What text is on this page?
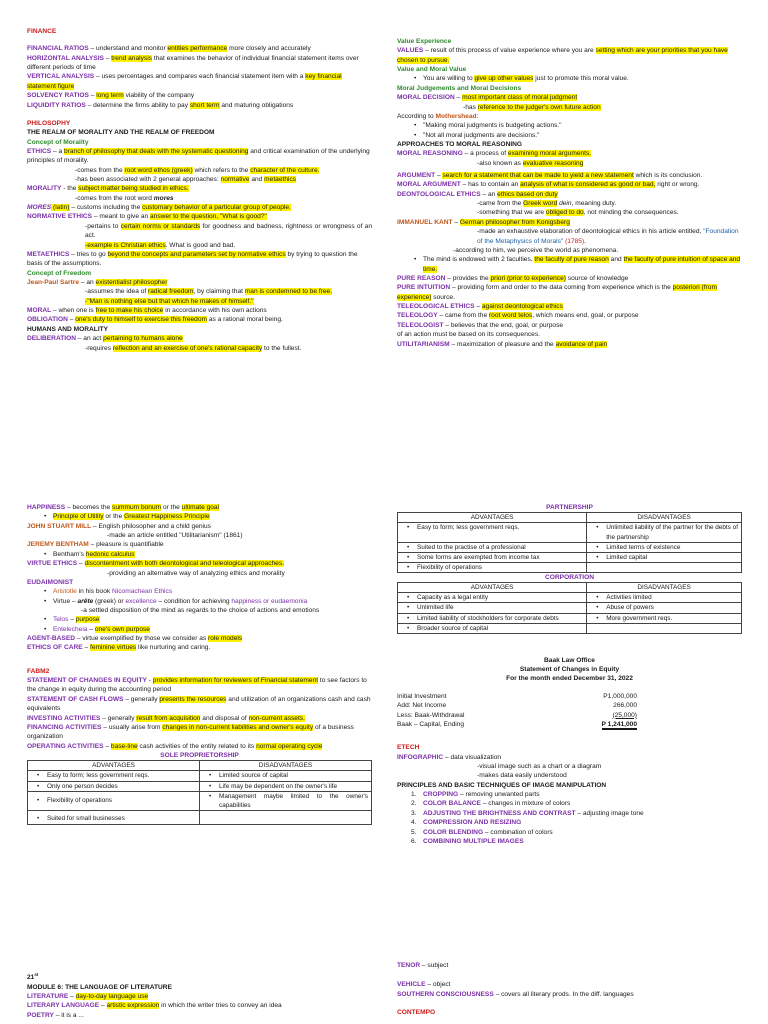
FINANCE

FINANCIAL RATIOS – understand and monitor entities performance more closely and accurately

HORIZONTAL ANALYSIS – trend analysis that examines the behavior of individual financial statement items over different periods of time

VERTICAL ANALYSIS – uses percentages and compares each financial statement item with a key financial statement figure

SOLVENCY RATIOS – long term viability of the company

LIQUIDITY RATIOS – determine the firms ability to pay short term and maturing obligations

PHILOSOPHY

THE REALM OF MORALITY AND THE REALM OF FREEDOM

Concept of Morality

ETHICS – a branch of philosophy that deals with the systematic questioning and critical examination of the underlying principles of morality.

-comes from the root word ethos (greek) which refers to the character of the culture.

-has been associated with 2 general approaches: normative and metaethics

MORALITY - the subject matter being studied in ethics.

-comes from the root word mores

MORES (latin) – customs including the customary behavior of a particular group of people.

NORMATIVE ETHICS – meant to give an answer to the question, "What is good?"

-pertains to certain norms or standards for goodness and badness, rightness or wrongness of an act.

-example is Christian ethics. What is good and bad.

METAETHICS – tries to go beyond the concepts and parameters set by normative ethics by trying to question the basis of the assumptions.

Concept of Freedom

Jean-Paul Sartre – an existentialist philosopher

-assumes the idea of radical freedom, by claiming that man is condemned to be free.

-"Man is nothing else but that which he makes of himself."

MORAL – when one is free to make his choice in accordance with his own actions

OBLIGATION – one's duty to himself to exercise this freedom as a rational moral being.

HUMANS AND MORALITY

DELIBERATION – an act pertaining to humans alone

-requires reflection and an exercise of one's rational capacity to the fullest.

Value Experience

VALUES – result of this process of value experience where you are setting which are your priorities that you have chosen to pursue.

Value and Moral Value

• You are willing to give up other values just to promote this moral value.

Moral Judgements and Moral Decisions

MORAL DECISION – most important class of moral judgment

-has reference to the judger's own future action

According to Mothershead:

• "Making moral judgments is budgeting actions."

• "Not all moral judgments are decisions."

APPROACHES TO MORAL REASONING

MORAL REASONING – a process of examining moral arguments.

-also known as evaluative reasoning

ARGUMENT – search for a statement that can be made to yield a new statement which is its conclusion.

MORAL ARGUMENT – has to contain an analysis of what is considered as good or bad, right or wrong.

DEONTOLOGICAL ETHICS – an ethics based on duty

-came from the Greek word dein, meaning duty.

-something that we are obliged to do, not minding the consequences.

IMMANUEL KANT – German philosopher from Konigsberg

-made an exhaustive elaboration of deontological ethics in his article entitled, "Foundation of the Metaphysics of Morals" (1785).

-according to him, we perceive the world as phenomena.

• The mind is endowed with 2 faculties, the faculty of pure reason and the faculty of pure intuition of space and time.

PURE REASON – provides the priori (prior to experience) source of knowledge

PURE INTUITION – providing form and order to the data coming from experience which is the posteriori (from experience) source.

TELEOLOGICAL ETHICS – against deontological ethics

TELEOLOGY – came from the root word telos, which means end, goal, or purpose

TELEOLOGIST – believes that the end, goal, or purpose of an action must be based on its consequences.

UTILITARIANISM – maximization of pleasure and the avoidance of pain

HAPPINESS – becomes the summum bonum or the ultimate goal

• Principle of Utility or the Greatest Happiness Principle

JOHN STUART MILL – English philosopher and a child genius

-made an article entitled "Utilitarianism" (1861)

JEREMY BENTHAM – pleasure is quantifiable

• Bentham's hedonic calculus

VIRTUE ETHICS – discontentment with both deontological and teleological approaches.

-providing an alternative way of analyzing ethics and morality

EUDAIMONIST

• Aristotle in his book Nicomachean Ethics

• Virtue – arête (greek) or excellence – condition for achieving happiness or eudaemonia

-a settled disposition of the mind as regards to the choice of actions and emotions

• Telos – purpose

• Entelecheia – one's own purpose

AGENT-BASED – virtue exemplified by those we consider as role models

ETHICS OF CARE – feminine virtues like nurturing and caring.

FABM2

STATEMENT OF CHANGES IN EQUITY - provides information for reviewers of Financial statement to see factors to the change in equity during the accounting period

STATEMENT OF CASH FLOWS – generally presents the resources and utilization of an organizations cash and cash equivalents

INVESTING ACTIVITIES – generally result from acquisition and disposal of non-current assets.

FINANCING ACTIVITIES – usually arise from changes in non-current liabilities and owner's equity of a business organization

OPERATING ACTIVITIES – base-line cash activities of the entity related to its normal operating cycle

SOLE PROPRIETORSHIP

ADVANTAGES	DISADVANTAGES

• Easy to form; less government reqs.	• Limited source of capital

• Only one person decides	• Life may be dependent on the owner's life

• Flexibility of operations	• Management maybe limited to the owner's capabilities

• Suited for small businesses

PARTNERSHIP

ADVANTAGES	DISADVANTAGES

• Easy to form; less government reqs.	• Unlimited liability of the partner for the debts of the partnership

• Suited to the practise of a professional	• Limited terms of existence

• Some forms are exempted from income tax	• Limited capital

• Flexibility of operations

CORPORATION

ADVANTAGES	DISADVANTAGES

• Capacity as a legal entity	• Activities limited

• Unlimited life	• Abuse of powers

• Limited liability of stockholders for corporate debts	• More government reqs.

• Broader source of capital

Baak Law Office

Statement of Changes in Equity

For the month ended December 31, 2022

Initial Investment	P1,000,000
Add: Net Income	266,000
Less: Baak-Withdrawal	(25,000)
Baak – Capital, Ending	P 1,241,000

ETECH

INFOGRAPHIC – data visualization

-visual image such as a chart or a diagram

-makes data easily understood

PRINCIPLES AND BASIC TECHNIQUES OF IMAGE MANIPULATION

1. CROPPING – removing unwanted parts

2. COLOR BALANCE – changes in mixture of colors

3. ADJUSTING THE BRIGHTNESS AND CONTRAST – adjusting image tone

4. COMPRESSION AND RESIZING

5. COLOR BLENDING – combination of colors

6. COMBINING MULTIPLE IMAGES

21st

MODULE 6: THE LANGUAGE OF LITERATURE

LITERATURE – day-to-day language use

LITERARY LANGUAGE – artistic expression in which the writer tries to convey an idea

POETRY – it is a ...

TENOR – subject

VEHICLE – object

SOUTHERN CONSCIOUSNESS – covers all literary prods. In the diff. languages

CONTEMPO
